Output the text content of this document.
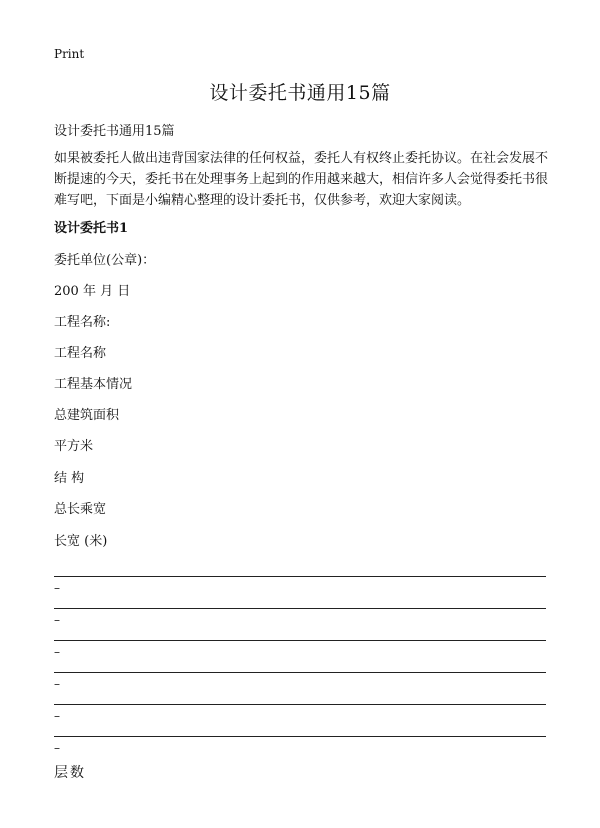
Print
设计委托书通用15篇
设计委托书通用15篇

如果被委托人做出违背国家法律的任何权益，委托人有权终止委托协议。在社会发展不断提速的今天，委托书在处理事务上起到的作用越来越大，相信许多人会觉得委托书很难写吧，下面是小编精心整理的设计委托书，仅供参考，欢迎大家阅读。

设计委托书1
委托单位(公章)：
200 年 月 日
工程名称:
工程名称
工程基本情况
总建筑面积
平方米
结 构
总长乘宽
长宽 (米)
–
–
–
–
–
–
层数
